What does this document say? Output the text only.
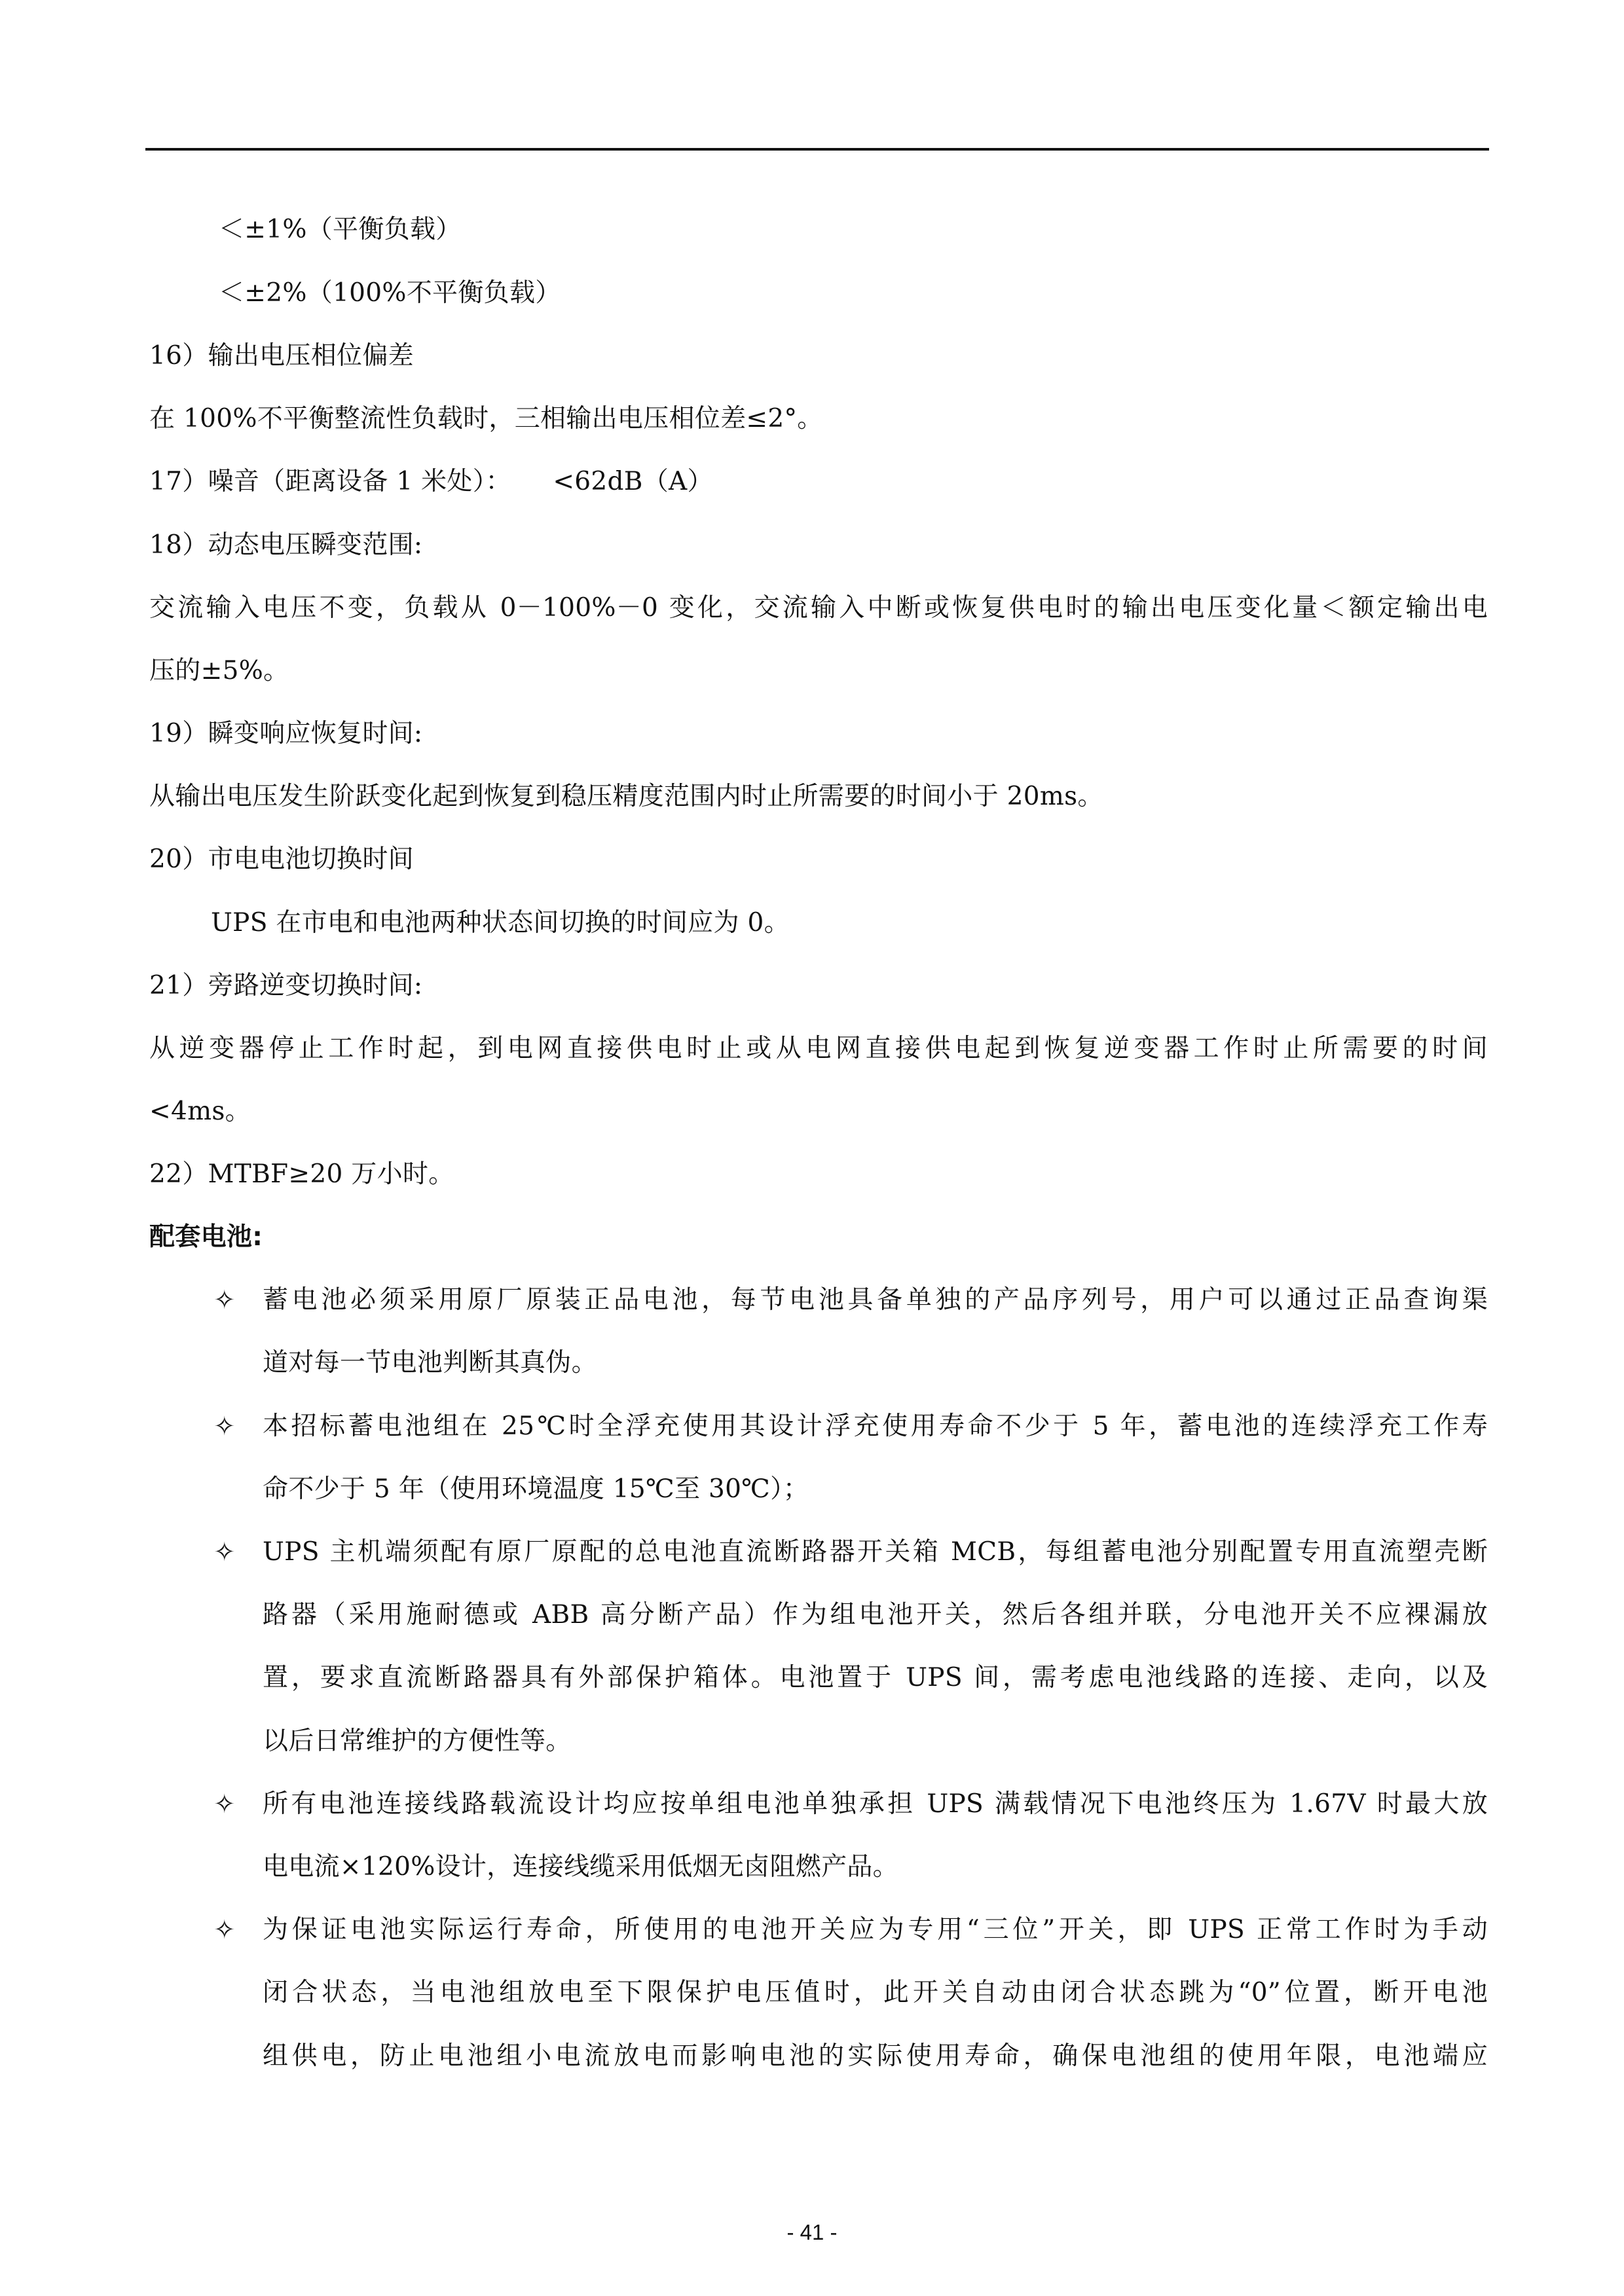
＜±1%（平衡负载）
＜±2%（100%不平衡负载）
16）输出电压相位偏差
在 100%不平衡整流性负载时，三相输出电压相位差≤2°。
17）噪音（距离设备 1 米处）：     <62dB（A）
18）动态电压瞬变范围:
交流输入电压不变，负载从 0－100%－0 变化，交流输入中断或恢复供电时的输出电压变化量＜额定输出电
压的±5%。
19）瞬变响应恢复时间:
从输出电压发生阶跃变化起到恢复到稳压精度范围内时止所需要的时间小于 20ms。
20）市电电池切换时间
UPS 在市电和电池两种状态间切换的时间应为 0。
21）旁路逆变切换时间:
从逆变器停止工作时起，到电网直接供电时止或从电网直接供电起到恢复逆变器工作时止所需要的时间
<4ms。
22）MTBF≥20 万小时。
配套电池:
✧ 蓄电池必须采用原厂原装正品电池，每节电池具备单独的产品序列号，用户可以通过正品查询渠
道对每一节电池判断其真伪。
✧ 本招标蓄电池组在 25℃时全浮充使用其设计浮充使用寿命不少于 5 年，蓄电池的连续浮充工作寿
命不少于 5 年（使用环境温度 15℃至 30℃）；
✧ UPS 主机端须配有原厂原配的总电池直流断路器开关箱 MCB，每组蓄电池分别配置专用直流塑壳断
路器（采用施耐德或 ABB 高分断产品）作为组电池开关，然后各组并联，分电池开关不应裸漏放
置，要求直流断路器具有外部保护箱体。电池置于 UPS 间，需考虑电池线路的连接、走向，以及
以后日常维护的方便性等。
✧ 所有电池连接线路载流设计均应按单组电池单独承担 UPS 满载情况下电池终压为 1.67V 时最大放
电电流×120%设计，连接线缆采用低烟无卤阻燃产品。
✧ 为保证电池实际运行寿命，所使用的电池开关应为专用“三位”开关，即 UPS 正常工作时为手动
闭合状态，当电池组放电至下限保护电压值时，此开关自动由闭合状态跳为“0”位置，断开电池
组供电，防止电池组小电流放电而影响电池的实际使用寿命，确保电池组的使用年限，电池端应
- 41 -
